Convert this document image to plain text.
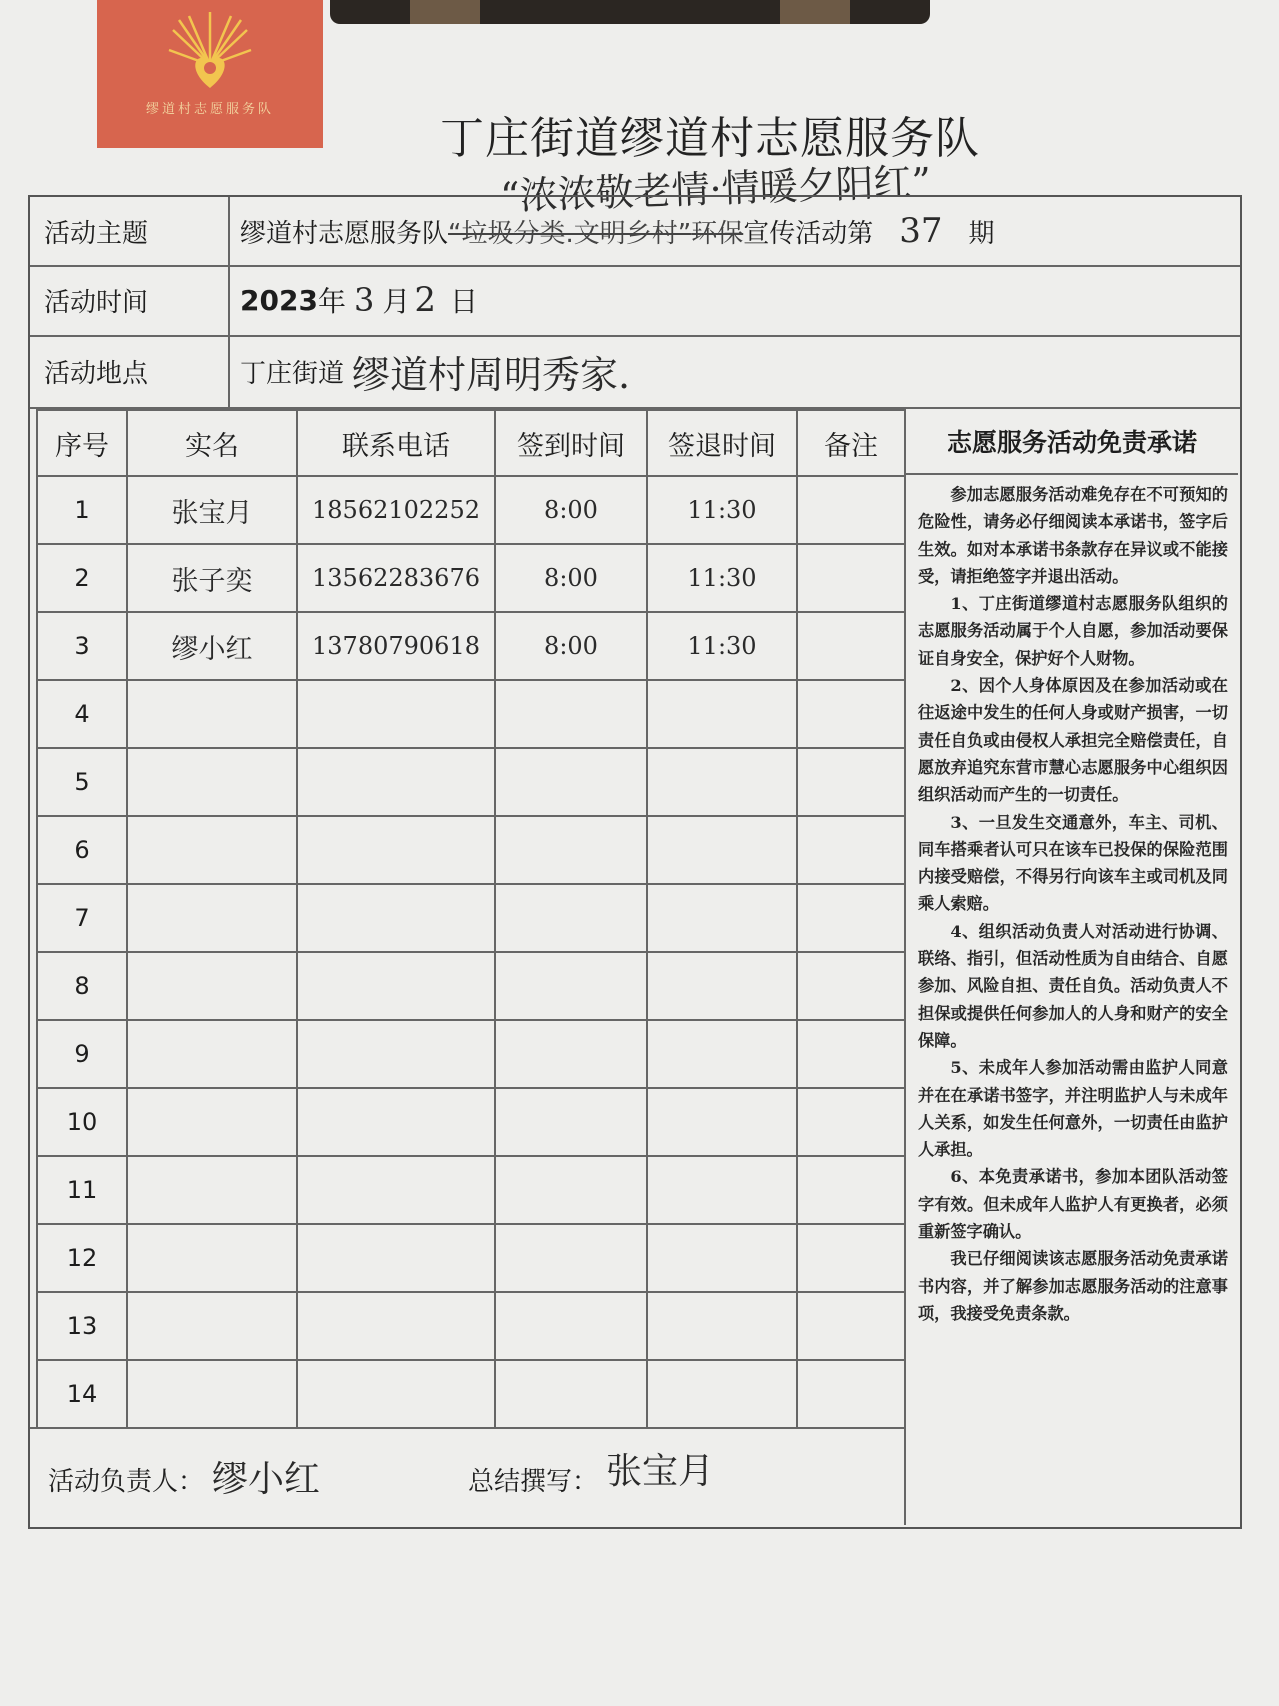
缪道村志愿服务队
丁庄街道缪道村志愿服务队
“浓浓敬老情·情暖夕阳红”
活动主题	缪道村志愿服务队 “垃圾分类.文明乡村” 环保 宣传活动第 37 期
活动时间	2023 年 3 月 2 日
活动地点	丁庄街道 缪道村周明秀家.
序号	实名	联系电话	签到时间	签退时间	备注
1	张宝月	18562102252	8:00	11:30	
2	张子奕	13562283676	8:00	11:30	
3	缪小红	13780790618	8:00	11:30	
4					
5					
6					
7					
8					
9					
10					
11					
12					
13					
14					
志愿服务活动免责承诺

参加志愿服务活动难免存在不可预知的危险性，请务必仔细阅读本承诺书，签字后生效。如对本承诺书条款存在异议或不能接受，请拒绝签字并退出活动。

1、丁庄街道缪道村志愿服务队组织的志愿服务活动属于个人自愿，参加活动要保证自身安全，保护好个人财物。

2、因个人身体原因及在参加活动或在往返途中发生的任何人身或财产损害，一切责任自负或由侵权人承担完全赔偿责任，自愿放弃追究东营市慧心志愿服务中心组织因组织活动而产生的一切责任。

3、一旦发生交通意外，车主、司机、同车搭乘者认可只在该车已投保的保险范围内接受赔偿，不得另行向该车主或司机及同乘人索赔。

4、组织活动负责人对活动进行协调、联络、指引，但活动性质为自由结合、自愿参加、风险自担、责任自负。活动负责人不担保或提供任何参加人的人身和财产的安全保障。

5、未成年人参加活动需由监护人同意并在在承诺书签字，并注明监护人与未成年人关系，如发生任何意外，一切责任由监护人承担。

6、本免责承诺书，参加本团队活动签字有效。但未成年人监护人有更换者，必须重新签字确认。

我已仔细阅读该志愿服务活动免责承诺书内容，并了解参加志愿服务活动的注意事项，我接受免责条款。

活动负责人： 缪小红	总结撰写： 张宝月
